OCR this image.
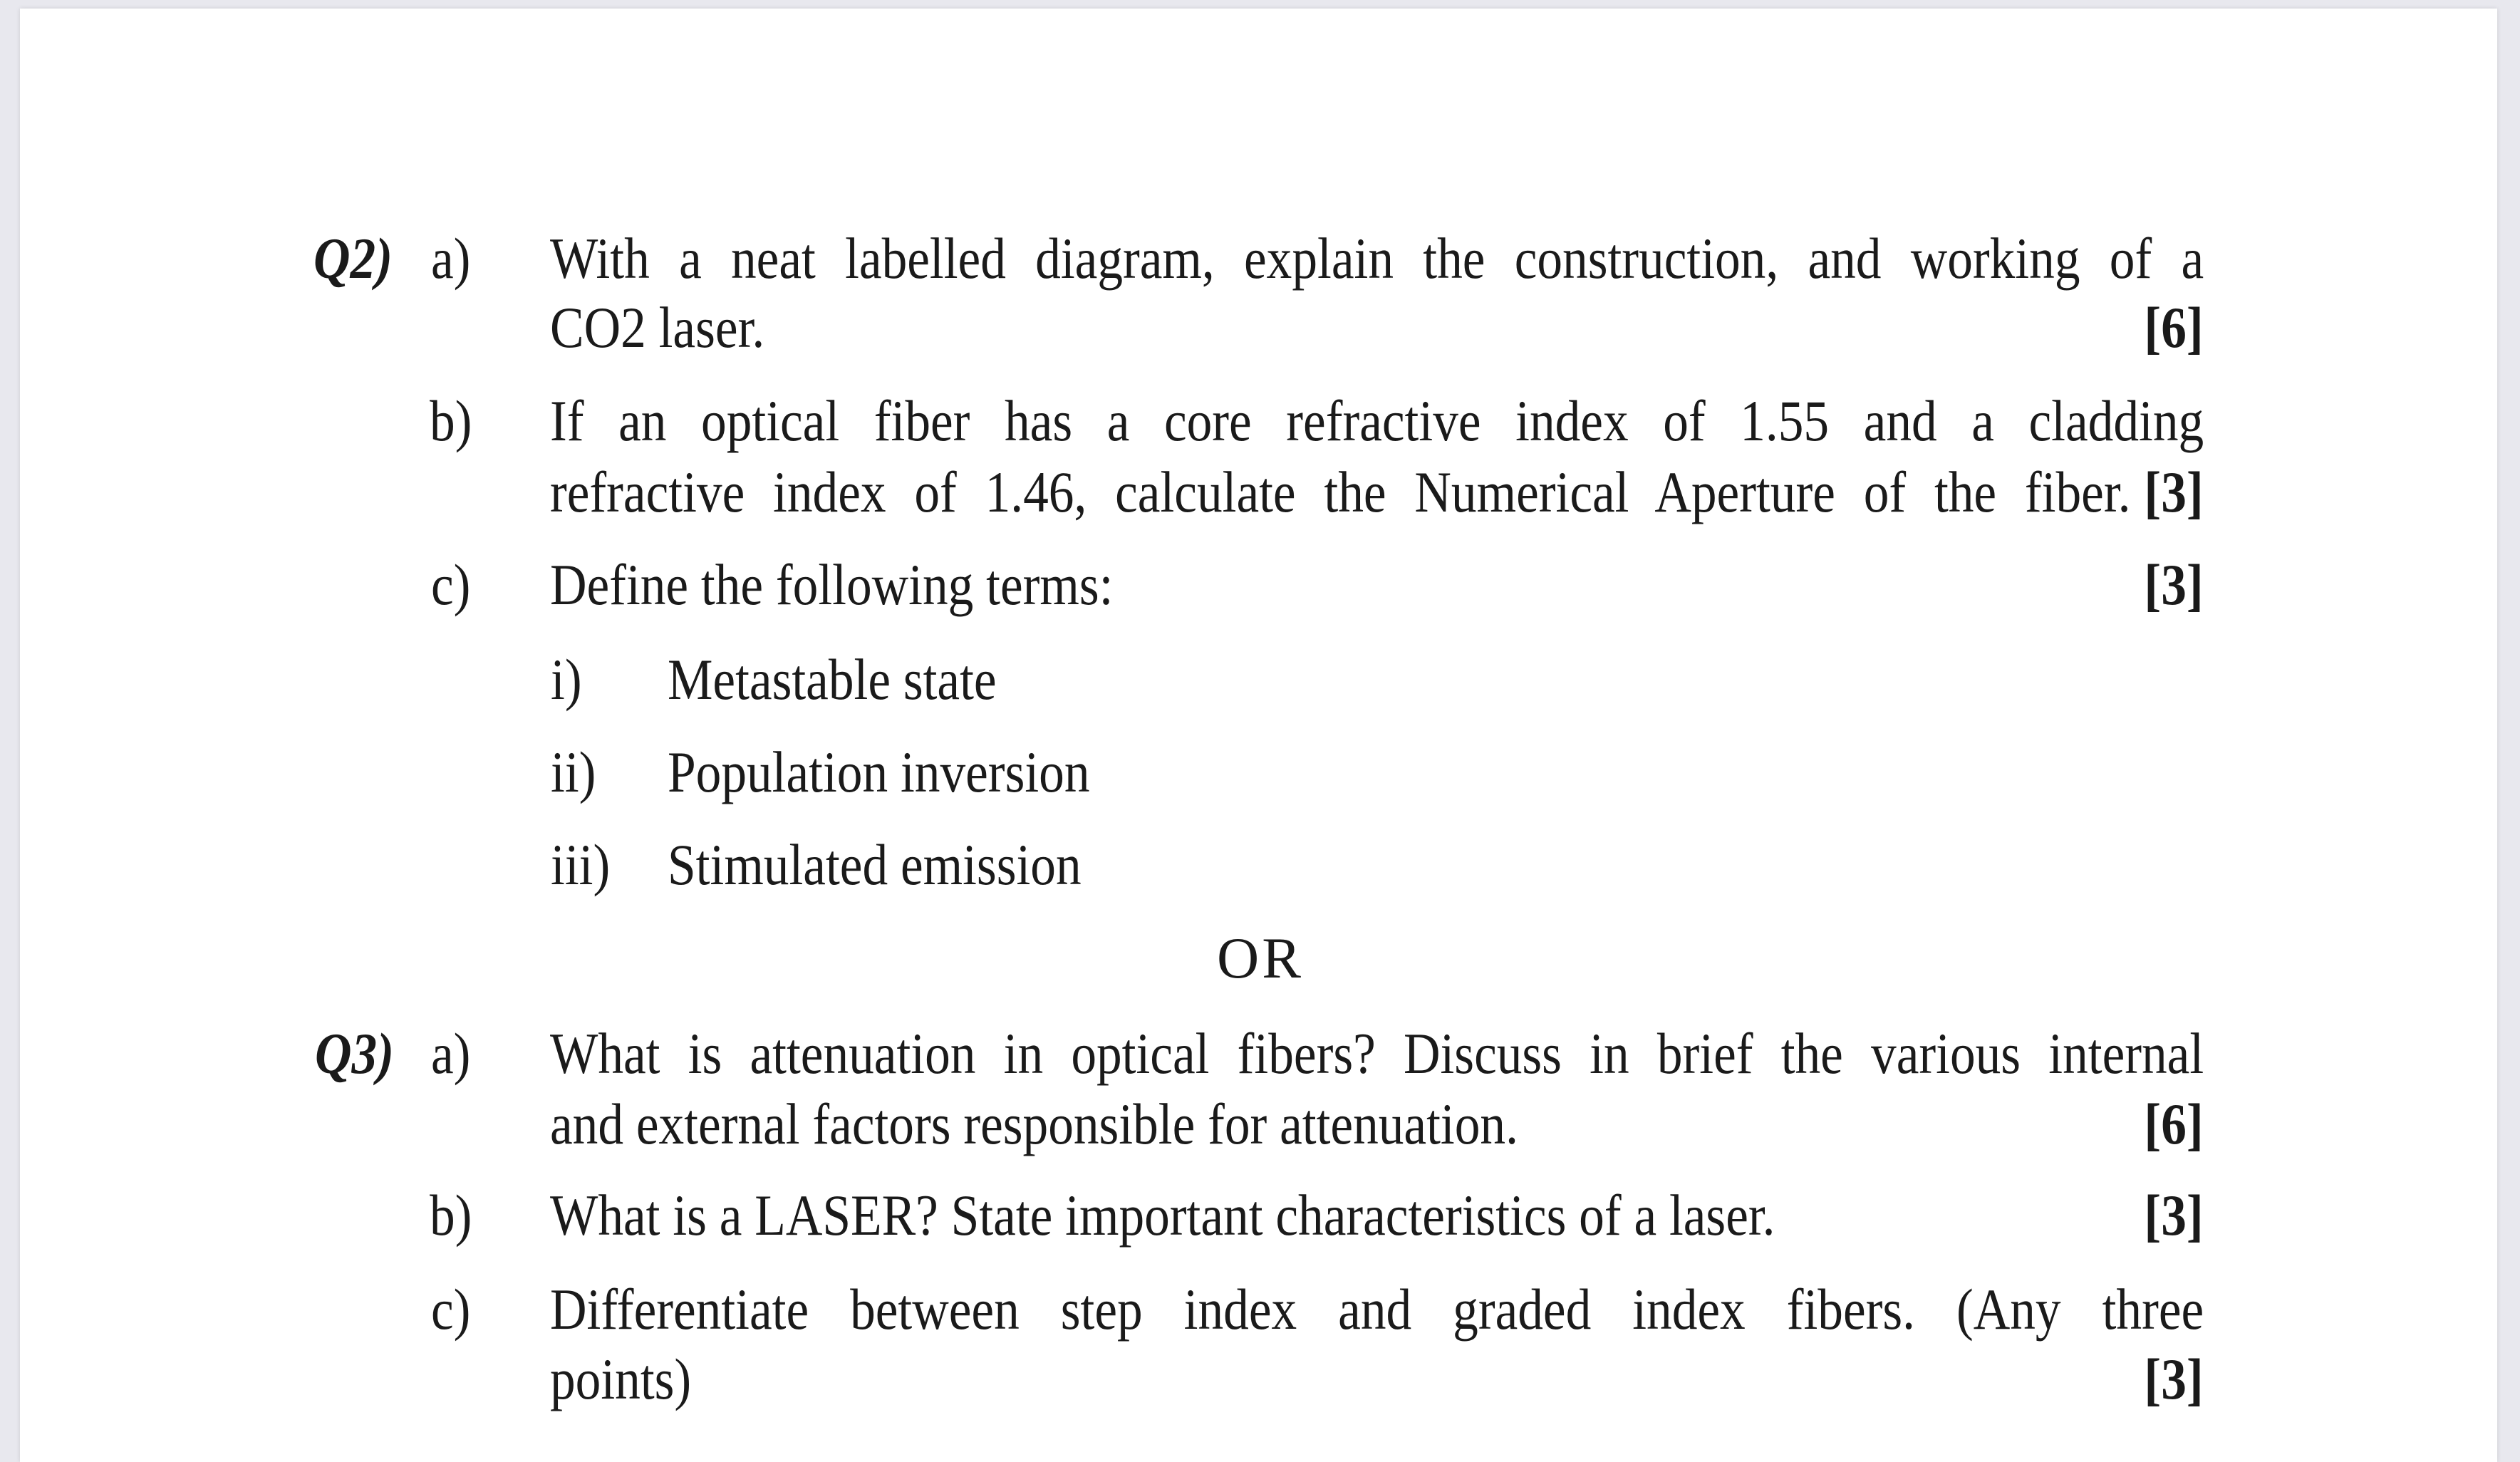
Q2) a) With a neat labelled diagram, explain the construction, and working of a
CO2 laser.	[6]
b) If an optical fiber has a core refractive index of 1.55 and a cladding
refractive index of 1.46, calculate the Numerical Aperture of the fiber. [3]
c) Define the following terms:	[3]
i) Metastable state
ii) Population inversion
iii) Stimulated emission
OR
Q3) a) What is attenuation in optical fibers? Discuss in brief the various internal
and external factors responsible for attenuation.	[6]
b) What is a LASER? State important characteristics of a laser.	[3]
c) Differentiate between step index and graded index fibers. (Any three
points)	[3]
